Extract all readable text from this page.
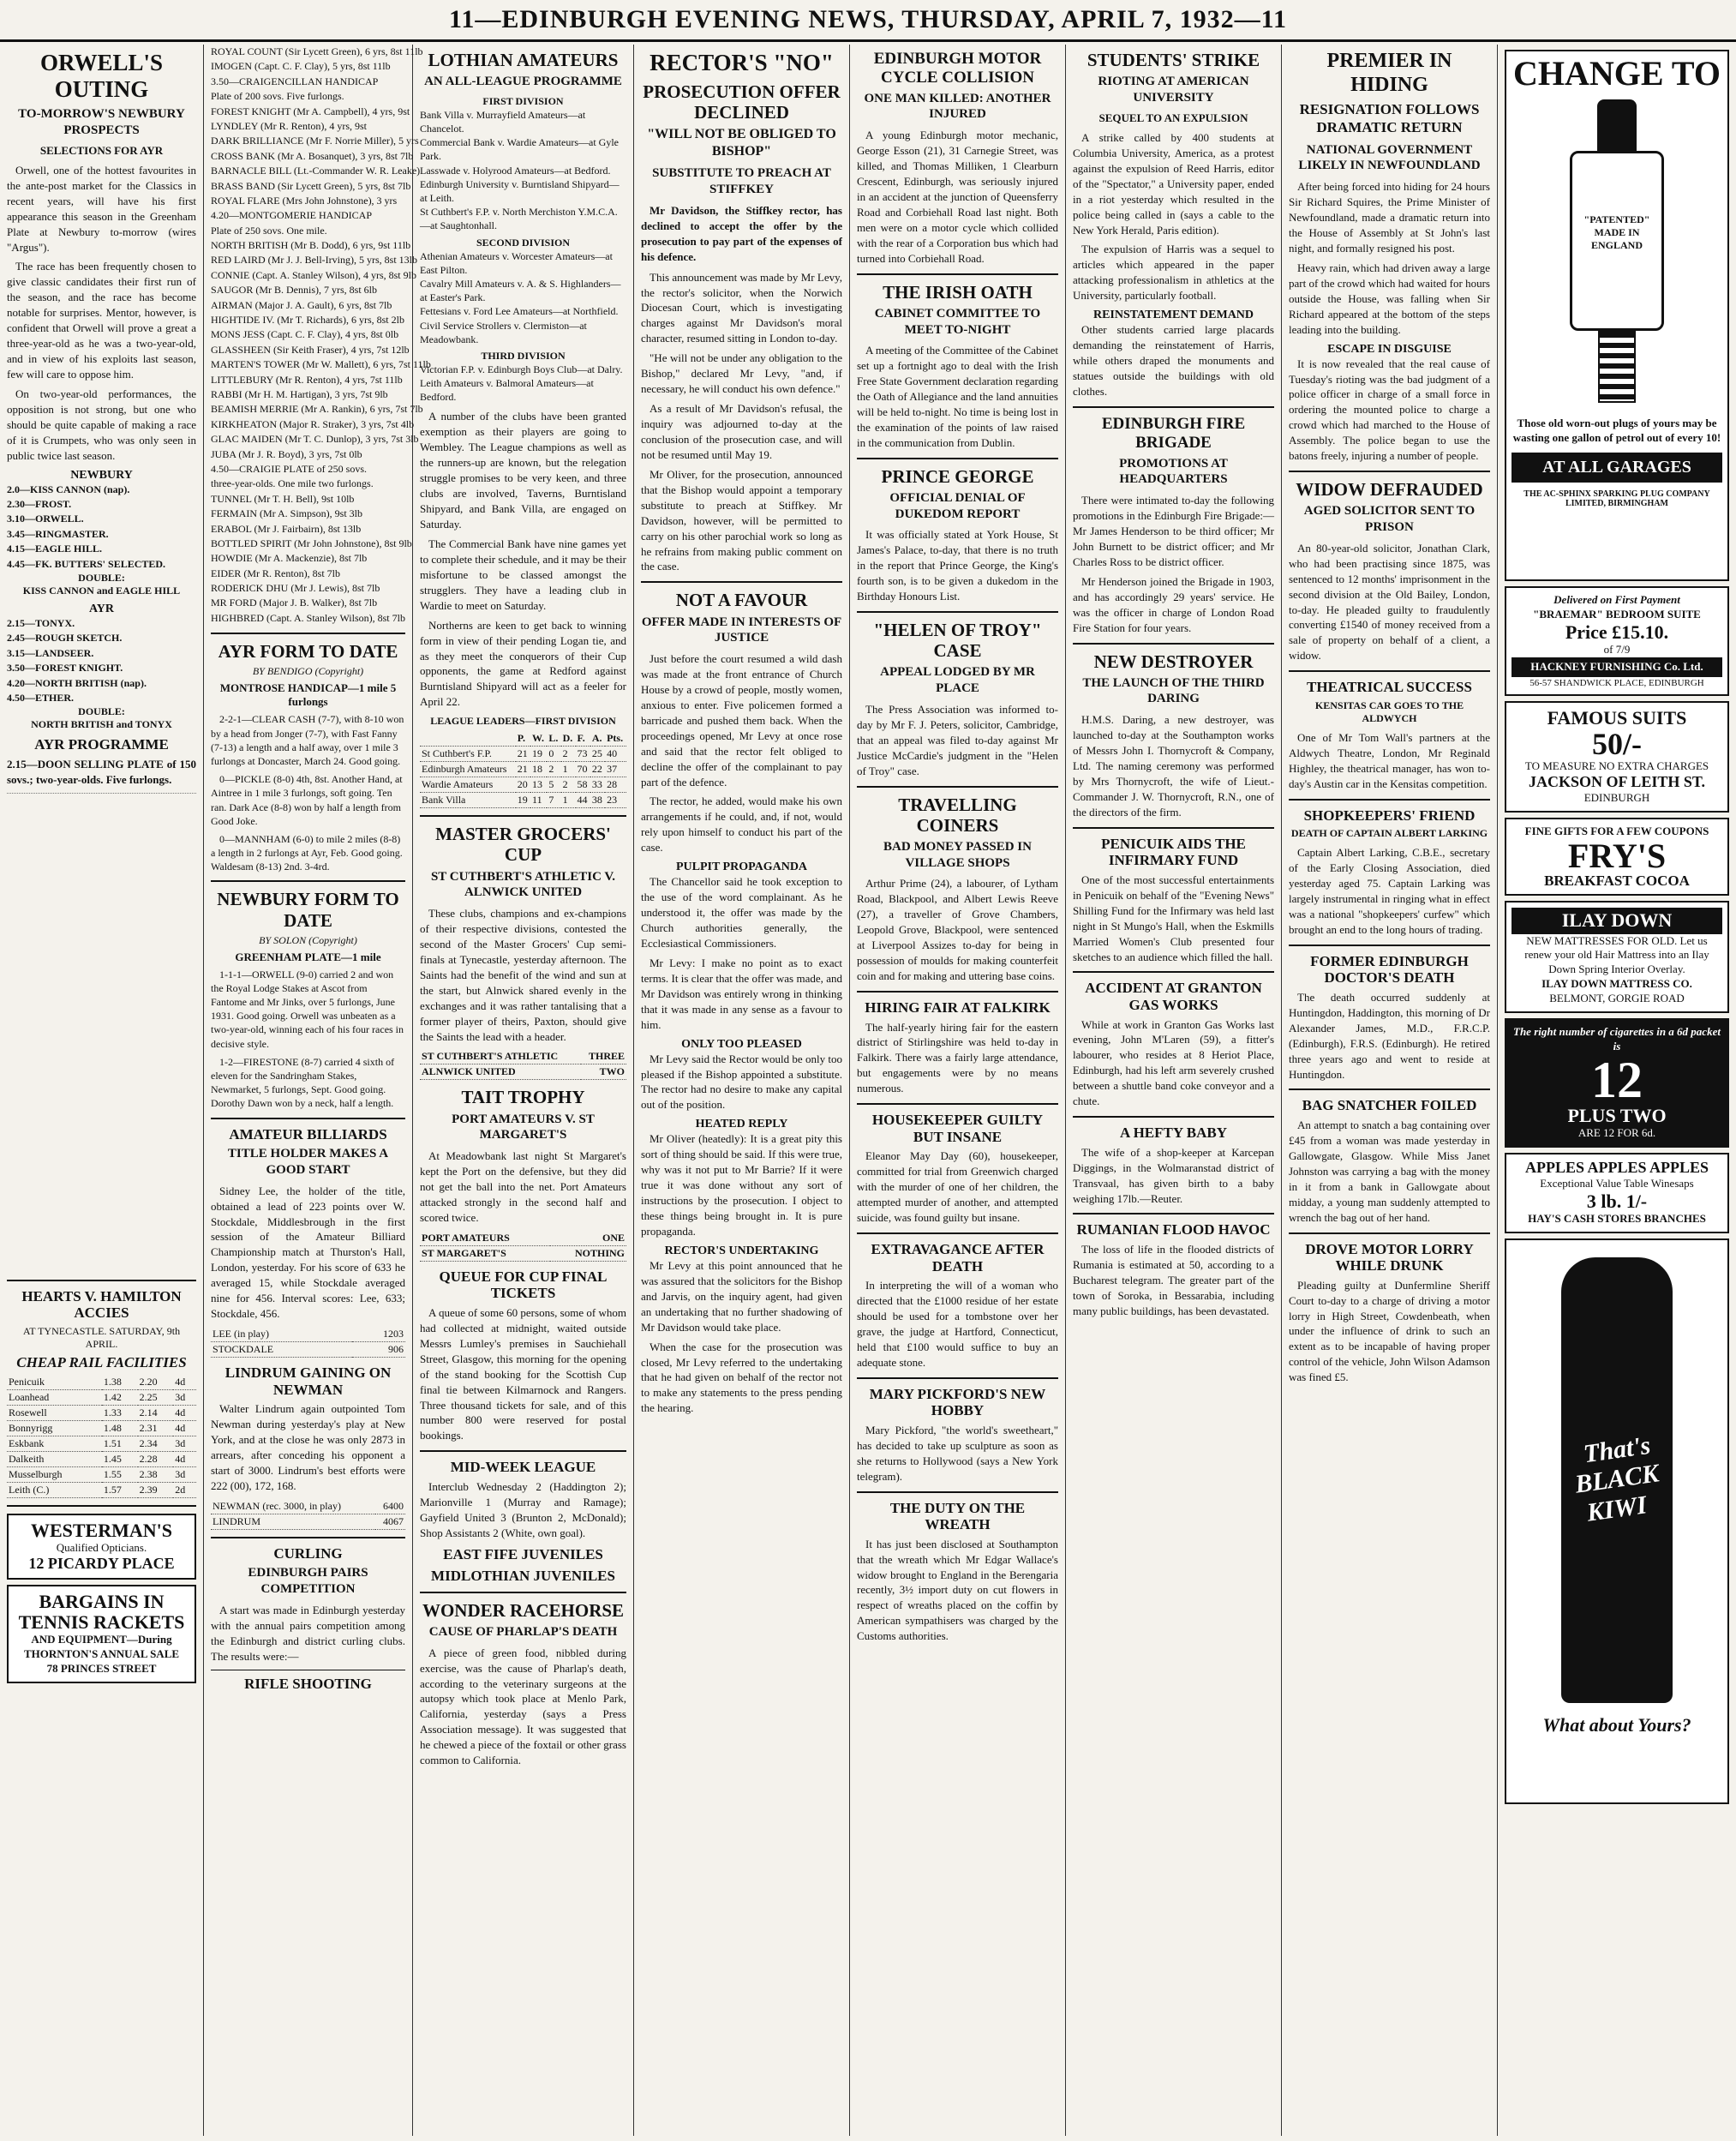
11—EDINBURGH EVENING NEWS, THURSDAY, APRIL 7, 1932—11
ORWELL'S OUTING
TO-MORROW'S NEWBURY PROSPECTS
SELECTIONS FOR AYR

Orwell, one of the hottest favourites in the ante-post market for the Classics in recent years, will have his first appearance this season in the Greenham Plate at Newbury to-morrow (wires "Argus").

The race has been frequently chosen to give classic candidates their first run of the season, and the race has become notable for surprises. Mentor, however, is confident that Orwell will prove a great a three-year-old as he was a two-year-old, and in view of his exploits last season, few will care to oppose him.

On two-year-old performances, the opposition is not strong, but one who should be quite capable of making a race of it is Crumpets, who was only seen in public twice last season.

NEWBURY
2.0—KISS CANNON (nap).
2.30—FROST.
3.10—ORWELL.
3.45—RINGMASTER.
4.15—EAGLE HILL.
4.45—FK. BUTTERS' SELECTED.
DOUBLE:
KISS CANNON and EAGLE HILL
AYR
2.15—TONYX.
2.45—ROUGH SKETCH.
3.15—LANDSEER.
3.50—FOREST KNIGHT.
4.20—NORTH BRITISH (nap).
4.50—ETHER.
DOUBLE:
NORTH BRITISH and TONYX
AYR PROGRAMME
2.15—DOON SELLING PLATE of 150 sovs.; two-year-olds. Five furlongs.
HEARTS V. HAMILTON ACCIES
AT TYNECASTLE. SATURDAY, 9th APRIL.
CHEAP RAIL FACILITIES
Penicuik	1.38	2.20	4d
Loanhead	1.42	2.25	3d
Rosewell	1.33	2.14	4d
Bonnyrigg	1.48	2.31	4d
Eskbank	1.51	2.34	3d
Dalkeith	1.45	2.28	4d
Musselburgh	1.55	2.38	3d
Leith (C.)	1.57	2.39	2d
WESTERMAN'S
Qualified Opticians.
12 PICARDY PLACE
BARGAINS IN TENNIS RACKETS
AND EQUIPMENT—During THORNTON'S ANNUAL SALE
78 PRINCES STREET
ROYAL COUNT (Sir Lycett Green), 6 yrs, 8st 11lb
IMOGEN (Capt. C. F. Clay), 5 yrs, 8st 11lb
3.50—CRAIGENCILLAN HANDICAP
Plate of 200 sovs. Five furlongs.
FOREST KNIGHT (Mr A. Campbell), 4 yrs, 9st
LYNDLEY (Mr R. Renton), 4 yrs, 9st
DARK BRILLIANCE (Mr F. Norrie Miller), 5 yrs
CROSS BANK (Mr A. Bosanquet), 3 yrs, 8st 7lb
BARNACLE BILL (Lt.-Commander W. R. Leake)
BRASS BAND (Sir Lycett Green), 5 yrs, 8st 7lb
ROYAL FLARE (Mrs John Johnstone), 3 yrs
4.20—MONTGOMERIE HANDICAP
Plate of 250 sovs. One mile.
NORTH BRITISH (Mr B. Dodd), 6 yrs, 9st 11lb
RED LAIRD (Mr J. J. Bell-Irving), 5 yrs, 8st 13lb
CONNIE (Capt. A. Stanley Wilson), 4 yrs, 8st 9lb
SAUGOR (Mr B. Dennis), 7 yrs, 8st 6lb
AIRMAN (Major J. A. Gault), 6 yrs, 8st 7lb
HIGHTIDE IV. (Mr T. Richards), 6 yrs, 8st 2lb
MONS JESS (Capt. C. F. Clay), 4 yrs, 8st 0lb
GLASSHEEN (Sir Keith Fraser), 4 yrs, 7st 12lb
MARTEN'S TOWER (Mr W. Mallett), 6 yrs, 7st 11lb
LITTLEBURY (Mr R. Renton), 4 yrs, 7st 11lb
RABBI (Mr H. M. Hartigan), 3 yrs, 7st 9lb
BEAMISH MERRIE (Mr A. Rankin), 6 yrs, 7st 7lb
KIRKHEATON (Major R. Straker), 3 yrs, 7st 4lb
GLAC MAIDEN (Mr T. C. Dunlop), 3 yrs, 7st 3lb
JUBA (Mr J. R. Boyd), 3 yrs, 7st 0lb
4.50—CRAIGIE PLATE of 250 sovs.
three-year-olds. One mile two furlongs.
TUNNEL (Mr T. H. Bell), 9st 10lb
FERMAIN (Mr A. Simpson), 9st 3lb
ERABOL (Mr J. Fairbairn), 8st 13lb
BOTTLED SPIRIT (Mr John Johnstone), 8st 9lb
HOWDIE (Mr A. Mackenzie), 8st 7lb
EIDER (Mr R. Renton), 8st 7lb
RODERICK DHU (Mr J. Lewis), 8st 7lb
MR FORD (Major J. B. Walker), 8st 7lb
HIGHBRED (Capt. A. Stanley Wilson), 8st 7lb
AYR FORM TO DATE
BY BENDIGO (Copyright)
MONTROSE HANDICAP—1 mile 5 furlongs

2-2-1—CLEAR CASH (7-7), with 8-10 won by a head from Jonger (7-7), with Fast Fanny (7-13) a length and a half away, over 1 mile 3 furlongs at Doncaster, March 24. Good going.

0—PICKLE (8-0) 4th, 8st. Another Hand, at Aintree in 1 mile 3 furlongs, soft going. Ten ran. Dark Ace (8-8) won by half a length from Good Joke.

0—MANNHAM (6-0) to mile 2 miles (8-8) a length in 2 furlongs at Ayr, Feb. Good going. Waldesam (8-13) 2nd. 3-4rd.

NEWBURY FORM TO DATE
BY SOLON (Copyright)
GREENHAM PLATE—1 mile

1-1-1—ORWELL (9-0) carried 2 and won the Royal Lodge Stakes at Ascot from Fantome and Mr Jinks, over 5 furlongs, June 1931. Good going. Orwell was unbeaten as a two-year-old, winning each of his four races in decisive style.

1-2—FIRESTONE (8-7) carried 4 sixth of eleven for the Sandringham Stakes, Newmarket, 5 furlongs, Sept. Good going. Dorothy Dawn won by a neck, half a length.

AMATEUR BILLIARDS
TITLE HOLDER MAKES A GOOD START

Sidney Lee, the holder of the title, obtained a lead of 223 points over W. Stockdale, Middlesbrough in the first session of the Amateur Billiard Championship match at Thurston's Hall, London, yesterday. For his score of 633 he averaged 15, while Stockdale averaged nine for 456. Interval scores: Lee, 633; Stockdale, 456.

LEE (in play)	1203
STOCKDALE	906
LINDRUM GAINING ON NEWMAN

Walter Lindrum again outpointed Tom Newman during yesterday's play at New York, and at the close he was only 2873 in arrears, after conceding his opponent a start of 3000. Lindrum's best efforts were 222 (00), 172, 168.

NEWMAN (rec. 3000, in play)	6400
LINDRUM	4067
CURLING
EDINBURGH PAIRS COMPETITION

A start was made in Edinburgh yesterday with the annual pairs competition among the Edinburgh and district curling clubs. The results were:—

RIFLE SHOOTING
LOTHIAN AMATEURS
AN ALL-LEAGUE PROGRAMME
FIRST DIVISION
Bank Villa v. Murrayfield Amateurs—at Chancelot.
Commercial Bank v. Wardie Amateurs—at Gyle Park.
Lasswade v. Holyrood Amateurs—at Bedford.
Edinburgh University v. Burntisland Shipyard—at Leith.
St Cuthbert's F.P. v. North Merchiston Y.M.C.A.—at Saughtonhall.
SECOND DIVISION
Athenian Amateurs v. Worcester Amateurs—at East Pilton.
Cavalry Mill Amateurs v. A. & S. Highlanders—at Easter's Park.
Fettesians v. Ford Lee Amateurs—at Northfield.
Civil Service Strollers v. Clermiston—at Meadowbank.
THIRD DIVISION
Victorian F.P. v. Edinburgh Boys Club—at Dalry.
Leith Amateurs v. Balmoral Amateurs—at Bedford.

A number of the clubs have been granted exemption as their players are going to Wembley. The League champions as well as the runners-up are known, but the relegation struggle promises to be very keen, and three clubs are involved, Taverns, Burntisland Shipyard, and Bank Villa, are engaged on Saturday.

The Commercial Bank have nine games yet to complete their schedule, and it may be their misfortune to be classed amongst the strugglers. They have a leading club in Wardie to meet on Saturday.

Northerns are keen to get back to winning form in view of their pending Logan tie, and as they meet the conquerors of their Cup opponents, the game at Redford against Burntisland Shipyard will act as a feeler for April 22.

LEAGUE LEADERS—FIRST DIVISION
	P.	W.	L.	D.	F.	A.	Pts.
St Cuthbert's F.P.	21	19	0	2	73	25	40
Edinburgh Amateurs	21	18	2	1	70	22	37
Wardie Amateurs	20	13	5	2	58	33	28
Bank Villa	19	11	7	1	44	38	23
MASTER GROCERS' CUP
ST CUTHBERT'S ATHLETIC V. ALNWICK UNITED

These clubs, champions and ex-champions of their respective divisions, contested the second of the Master Grocers' Cup semi-finals at Tynecastle, yesterday afternoon. The Saints had the benefit of the wind and sun at the start, but Alnwick shared evenly in the exchanges and it was rather tantalising that a former player of theirs, Paxton, should give the Saints the lead with a header.

ST CUTHBERT'S ATHLETIC	THREE
ALNWICK UNITED	TWO
TAIT TROPHY
PORT AMATEURS V. ST MARGARET'S

At Meadowbank last night St Margaret's kept the Port on the defensive, but they did not get the ball into the net. Port Amateurs attacked strongly in the second half and scored twice.

PORT AMATEURS	ONE
ST MARGARET'S	NOTHING
QUEUE FOR CUP FINAL TICKETS

A queue of some 60 persons, some of whom had collected at midnight, waited outside Messrs Lumley's premises in Sauchiehall Street, Glasgow, this morning for the opening of the stand booking for the Scottish Cup final tie between Kilmarnock and Rangers. Three thousand tickets for sale, and of this number 800 were reserved for postal bookings.

MID-WEEK LEAGUE

Interclub Wednesday 2 (Haddington 2); Marionville 1 (Murray and Ramage); Gayfield United 3 (Brunton 2, McDonald); Shop Assistants 2 (White, own goal).

EAST FIFE JUVENILES
MIDLOTHIAN JUVENILES
WONDER RACEHORSE
CAUSE OF PHARLAP'S DEATH

A piece of green food, nibbled during exercise, was the cause of Pharlap's death, according to the veterinary surgeons at the autopsy which took place at Menlo Park, California, yesterday (says a Press Association message). It was suggested that he chewed a piece of the foxtail or other grass common to California.

RECTOR'S "NO"
PROSECUTION OFFER DECLINED
"WILL NOT BE OBLIGED TO BISHOP"
SUBSTITUTE TO PREACH AT STIFFKEY

Mr Davidson, the Stiffkey rector, has declined to accept the offer by the prosecution to pay part of the expenses of his defence.

This announcement was made by Mr Levy, the rector's solicitor, when the Norwich Diocesan Court, which is investigating charges against Mr Davidson's moral character, resumed sitting in London to-day.

"He will not be under any obligation to the Bishop," declared Mr Levy, "and, if necessary, he will conduct his own defence."

As a result of Mr Davidson's refusal, the inquiry was adjourned to-day at the conclusion of the prosecution case, and will not be resumed until May 19.

Mr Oliver, for the prosecution, announced that the Bishop would appoint a temporary substitute to preach at Stiffkey. Mr Davidson, however, will be permitted to carry on his other parochial work so long as he refrains from making public comment on the case.

NOT A FAVOUR
OFFER MADE IN INTERESTS OF JUSTICE

Just before the court resumed a wild dash was made at the front entrance of Church House by a crowd of people, mostly women, anxious to enter. Five policemen formed a barricade and pushed them back. When the proceedings opened, Mr Levy at once rose and said that the rector felt obliged to decline the offer of the complainant to pay part of the defence.

The rector, he added, would make his own arrangements if he could, and, if not, would rely upon himself to conduct his part of the case.

PULPIT PROPAGANDA

The Chancellor said he took exception to the use of the word complainant. As he understood it, the offer was made by the Church authorities generally, the Ecclesiastical Commissioners.

Mr Levy: I make no point as to exact terms. It is clear that the offer was made, and Mr Davidson was entirely wrong in thinking that it was made in any sense as a favour to him.

ONLY TOO PLEASED

Mr Levy said the Rector would be only too pleased if the Bishop appointed a substitute. The rector had no desire to make any capital out of the position.

HEATED REPLY

Mr Oliver (heatedly): It is a great pity this sort of thing should be said. If this were true, why was it not put to Mr Barrie? If it were true it was done without any sort of instructions by the prosecution. I object to these things being brought in. It is pure propaganda.

RECTOR'S UNDERTAKING

Mr Levy at this point announced that he was assured that the solicitors for the Bishop and Jarvis, on the inquiry agent, had given an undertaking that no further shadowing of Mr Davidson would take place.

When the case for the prosecution was closed, Mr Levy referred to the undertaking that he had given on behalf of the rector not to make any statements to the press pending the hearing.

EDINBURGH MOTOR CYCLE COLLISION
ONE MAN KILLED: ANOTHER INJURED

A young Edinburgh motor mechanic, George Esson (21), 31 Carnegie Street, was killed, and Thomas Milliken, 1 Clearburn Crescent, Edinburgh, was seriously injured in an accident at the junction of Queensferry Road and Corbiehall Road last night. Both men were on a motor cycle which collided with the rear of a Corporation bus which had turned into Corbiehall Road.

THE IRISH OATH
CABINET COMMITTEE TO MEET TO-NIGHT

A meeting of the Committee of the Cabinet set up a fortnight ago to deal with the Irish Free State Government declaration regarding the Oath of Allegiance and the land annuities will be held to-night. No time is being lost in the examination of the points of law raised in the communication from Dublin.

PRINCE GEORGE
OFFICIAL DENIAL OF DUKEDOM REPORT

It was officially stated at York House, St James's Palace, to-day, that there is no truth in the report that Prince George, the King's fourth son, is to be given a dukedom in the Birthday Honours List.

"HELEN OF TROY" CASE
APPEAL LODGED BY MR PLACE

The Press Association was informed to-day by Mr F. J. Peters, solicitor, Cambridge, that an appeal was filed to-day against Mr Justice McCardie's judgment in the "Helen of Troy" case.

TRAVELLING COINERS
BAD MONEY PASSED IN VILLAGE SHOPS

Arthur Prime (24), a labourer, of Lytham Road, Blackpool, and Albert Lewis Reeve (27), a traveller of Grove Chambers, Leopold Grove, Blackpool, were sentenced at Liverpool Assizes to-day for being in possession of moulds for making counterfeit coin and for making and uttering base coins.

HIRING FAIR AT FALKIRK

The half-yearly hiring fair for the eastern district of Stirlingshire was held to-day in Falkirk. There was a fairly large attendance, but engagements were by no means numerous.

HOUSEKEEPER GUILTY BUT INSANE

Eleanor May Day (60), housekeeper, committed for trial from Greenwich charged with the murder of one of her children, the attempted murder of another, and attempted suicide, was found guilty but insane.

EXTRAVAGANCE AFTER DEATH

In interpreting the will of a woman who directed that the £1000 residue of her estate should be used for a tombstone over her grave, the judge at Hartford, Connecticut, held that £100 would suffice to buy an adequate stone.

MARY PICKFORD'S NEW HOBBY

Mary Pickford, "the world's sweetheart," has decided to take up sculpture as soon as she returns to Hollywood (says a New York telegram).

THE DUTY ON THE WREATH

It has just been disclosed at Southampton that the wreath which Mr Edgar Wallace's widow brought to England in the Berengaria recently, 3½ import duty on cut flowers in respect of wreaths placed on the coffin by American sympathisers was charged by the Customs authorities.

STUDENTS' STRIKE
RIOTING AT AMERICAN UNIVERSITY
SEQUEL TO AN EXPULSION

A strike called by 400 students at Columbia University, America, as a protest against the expulsion of Reed Harris, editor of the "Spectator," a University paper, ended in a riot yesterday which resulted in the police being called in (says a cable to the New York Herald, Paris edition).

The expulsion of Harris was a sequel to articles which appeared in the paper attacking professionalism in athletics at the University, particularly football.

REINSTATEMENT DEMAND

Other students carried large placards demanding the reinstatement of Harris, while others draped the monuments and statues outside the buildings with old clothes.

EDINBURGH FIRE BRIGADE
PROMOTIONS AT HEADQUARTERS

There were intimated to-day the following promotions in the Edinburgh Fire Brigade:—Mr James Henderson to be third officer; Mr John Burnett to be district officer; and Mr Charles Ross to be district officer.

Mr Henderson joined the Brigade in 1903, and has accordingly 29 years' service. He was the officer in charge of London Road Fire Station for four years.

NEW DESTROYER
THE LAUNCH OF THE THIRD DARING

H.M.S. Daring, a new destroyer, was launched to-day at the Southampton works of Messrs John I. Thornycroft & Company, Ltd. The naming ceremony was performed by Mrs Thornycroft, the wife of Lieut.-Commander J. W. Thornycroft, R.N., one of the directors of the firm.

PENICUIK AIDS THE INFIRMARY FUND

One of the most successful entertainments in Penicuik on behalf of the "Evening News" Shilling Fund for the Infirmary was held last night in St Mungo's Hall, when the Eskmills Married Women's Club presented four sketches to an audience which filled the hall.

ACCIDENT AT GRANTON GAS WORKS

While at work in Granton Gas Works last evening, John M'Laren (59), a fitter's labourer, who resides at 8 Heriot Place, Edinburgh, had his left arm severely crushed between a shuttle band coke conveyor and a chute.

A HEFTY BABY

The wife of a shop-keeper at Karcepan Diggings, in the Wolmaranstad district of Transvaal, has given birth to a baby weighing 17lb.—Reuter.

RUMANIAN FLOOD HAVOC

The loss of life in the flooded districts of Rumania is estimated at 50, according to a Bucharest telegram. The greater part of the town of Soroka, in Bessarabia, including many public buildings, has been devastated.

PREMIER IN HIDING
RESIGNATION FOLLOWS DRAMATIC RETURN
NATIONAL GOVERNMENT LIKELY IN NEWFOUNDLAND

After being forced into hiding for 24 hours Sir Richard Squires, the Prime Minister of Newfoundland, made a dramatic return into the House of Assembly at St John's last night, and formally resigned his post.

Heavy rain, which had driven away a large part of the crowd which had waited for hours outside the House, was falling when Sir Richard appeared at the bottom of the steps leading into the building.

ESCAPE IN DISGUISE

It is now revealed that the real cause of Tuesday's rioting was the bad judgment of a police officer in charge of a small force in ordering the mounted police to charge a crowd which had marched to the House of Assembly. The police began to use the batons freely, injuring a number of people.

WIDOW DEFRAUDED
AGED SOLICITOR SENT TO PRISON

An 80-year-old solicitor, Jonathan Clark, who had been practising since 1875, was sentenced to 12 months' imprisonment in the second division at the Old Bailey, London, to-day. He pleaded guilty to fraudulently converting £1540 of money received from a sale of property on behalf of a client, a widow.

THEATRICAL SUCCESS
KENSITAS CAR GOES TO THE ALDWYCH

One of Mr Tom Wall's partners at the Aldwych Theatre, London, Mr Reginald Highley, the theatrical manager, has won to-day's Austin car in the Kensitas competition.

SHOPKEEPERS' FRIEND
DEATH OF CAPTAIN ALBERT LARKING

Captain Albert Larking, C.B.E., secretary of the Early Closing Association, died yesterday aged 75. Captain Larking was largely instrumental in ringing what in effect was a national "shopkeepers' curfew" which brought an end to the long hours of trading.

FORMER EDINBURGH DOCTOR'S DEATH

The death occurred suddenly at Huntingdon, Haddington, this morning of Dr Alexander James, M.D., F.R.C.P. (Edinburgh), F.R.S. (Edinburgh). He retired three years ago and went to reside at Huntingdon.

BAG SNATCHER FOILED

An attempt to snatch a bag containing over £45 from a woman was made yesterday in Gallowgate, Glasgow. While Miss Janet Johnston was carrying a bag with the money in it from a bank in Gallowgate about midday, a young man suddenly attempted to wrench the bag out of her hand.

DROVE MOTOR LORRY WHILE DRUNK

Pleading guilty at Dunfermline Sheriff Court to-day to a charge of driving a motor lorry in High Street, Cowdenbeath, when under the influence of drink to such an extent as to be incapable of having proper control of the vehicle, John Wilson Adamson was fined £5.

CHANGE TO
"PATENTED" MADE IN ENGLAND
Those old worn-out plugs of yours may be wasting one gallon of petrol out of every 10!
AT ALL GARAGES
THE AC-SPHINX SPARKING PLUG COMPANY LIMITED, BIRMINGHAM
Delivered on First Payment
"BRAEMAR" BEDROOM SUITE
Price £15.10.
of 7/9
HACKNEY FURNISHING Co. Ltd.
56-57 SHANDWICK PLACE, EDINBURGH
FAMOUS SUITS
50/-
TO MEASURE NO EXTRA CHARGES
JACKSON OF LEITH ST.
EDINBURGH
FINE GIFTS FOR A FEW COUPONS
FRY'S
BREAKFAST COCOA
ILAY DOWN
NEW MATTRESSES FOR OLD. Let us renew your old Hair Mattress into an Ilay Down Spring Interior Overlay.
ILAY DOWN MATTRESS CO.
BELMONT, GORGIE ROAD
The right number of cigarettes in a 6d packet is
12
PLUS TWO
ARE 12 FOR 6d.
APPLES APPLES APPLES
Exceptional Value Table Winesaps
3 lb. 1/-
HAY'S CASH STORES BRANCHES
That's
BLACK
KIWI
What about Yours?
